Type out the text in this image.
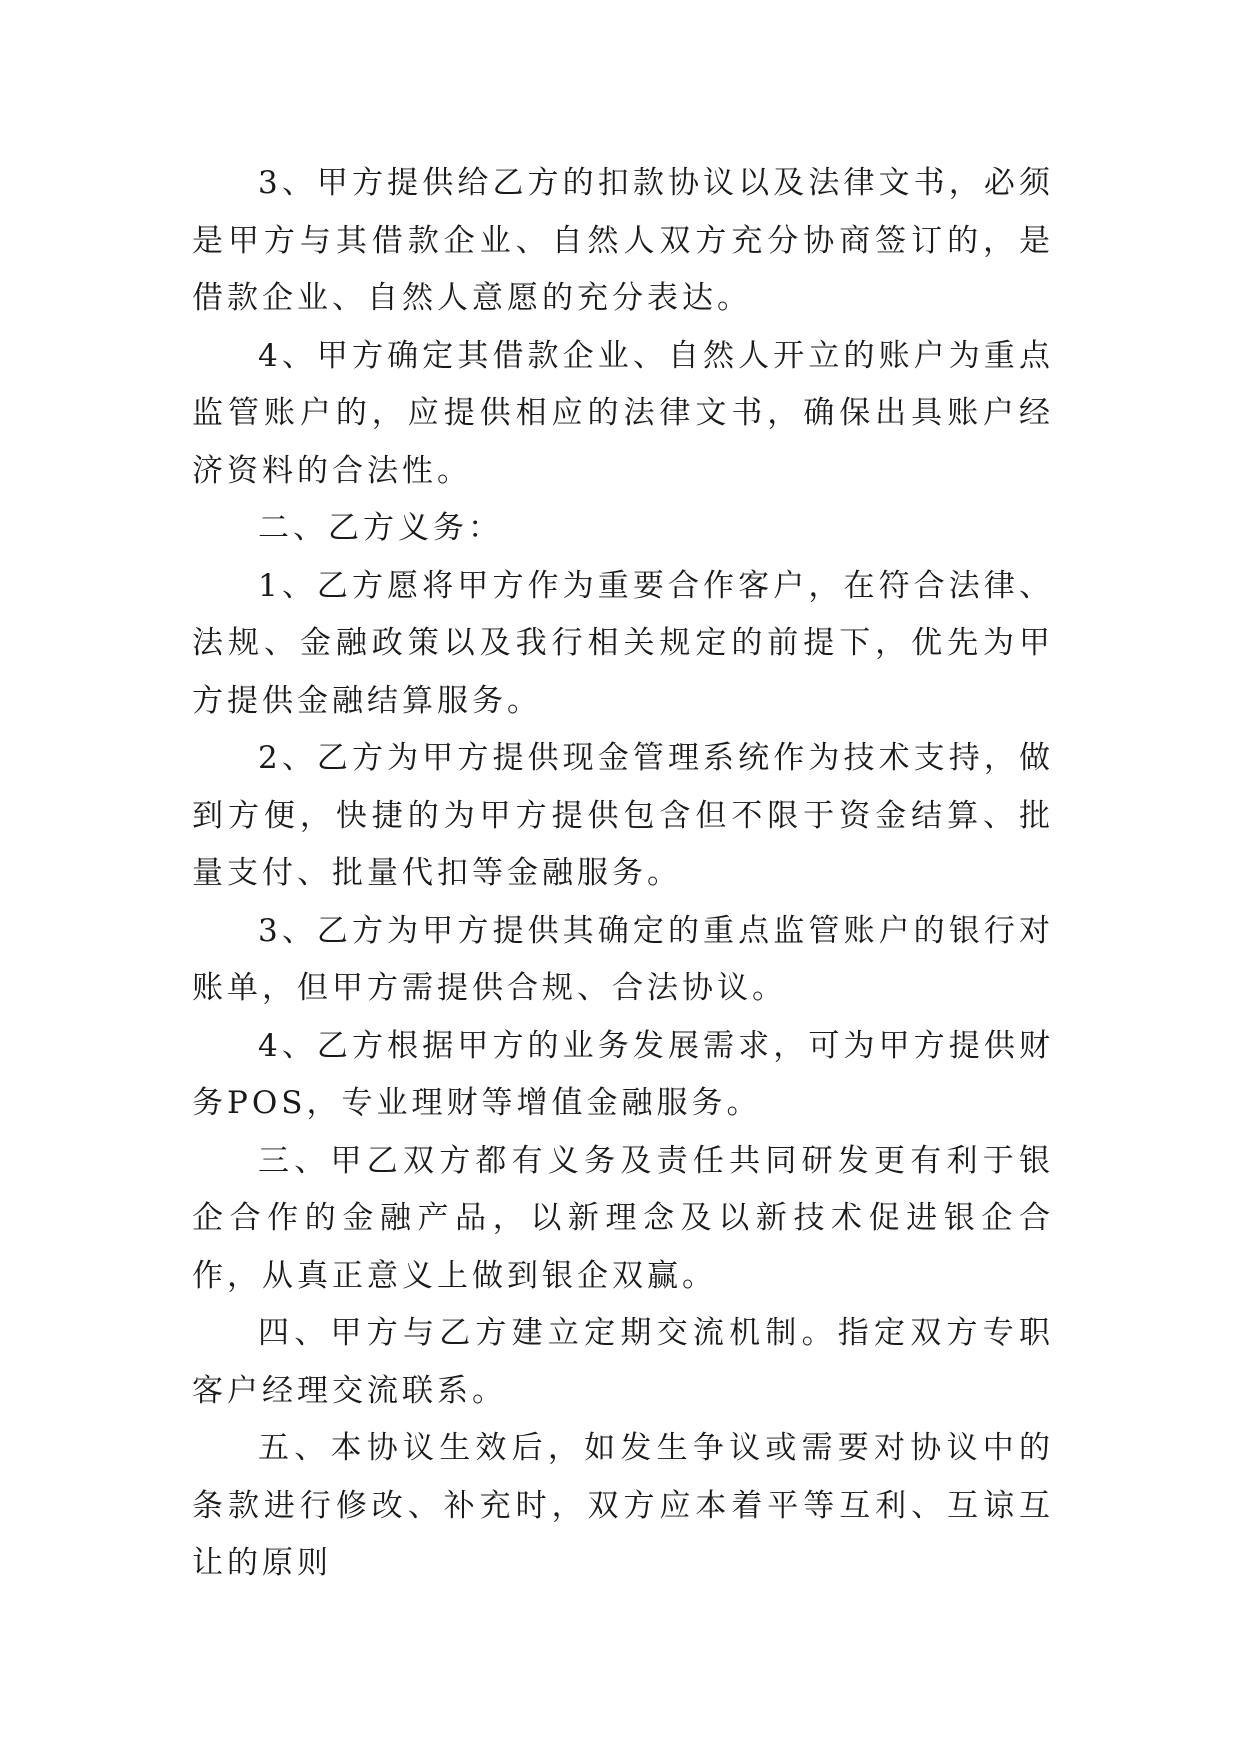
3、甲方提供给乙方的扣款协议以及法律文书，必须是甲方与其借款企业、自然人双方充分协商签订的，是借款企业、自然人意愿的充分表达。

4、甲方确定其借款企业、自然人开立的账户为重点监管账户的，应提供相应的法律文书，确保出具账户经济资料的合法性。

二、乙方义务：

1、乙方愿将甲方作为重要合作客户，在符合法律、法规、金融政策以及我行相关规定的前提下，优先为甲方提供金融结算服务。

2、乙方为甲方提供现金管理系统作为技术支持，做到方便，快捷的为甲方提供包含但不限于资金结算、批量支付、批量代扣等金融服务。

3、乙方为甲方提供其确定的重点监管账户的银行对账单，但甲方需提供合规、合法协议。

4、乙方根据甲方的业务发展需求，可为甲方提供财务POS，专业理财等增值金融服务。

三、甲乙双方都有义务及责任共同研发更有利于银企合作的金融产品，以新理念及以新技术促进银企合作，从真正意义上做到银企双赢。

四、甲方与乙方建立定期交流机制。指定双方专职客户经理交流联系。

五、本协议生效后，如发生争议或需要对协议中的条款进行修改、补充时，双方应本着平等互利、互谅互让的原则
